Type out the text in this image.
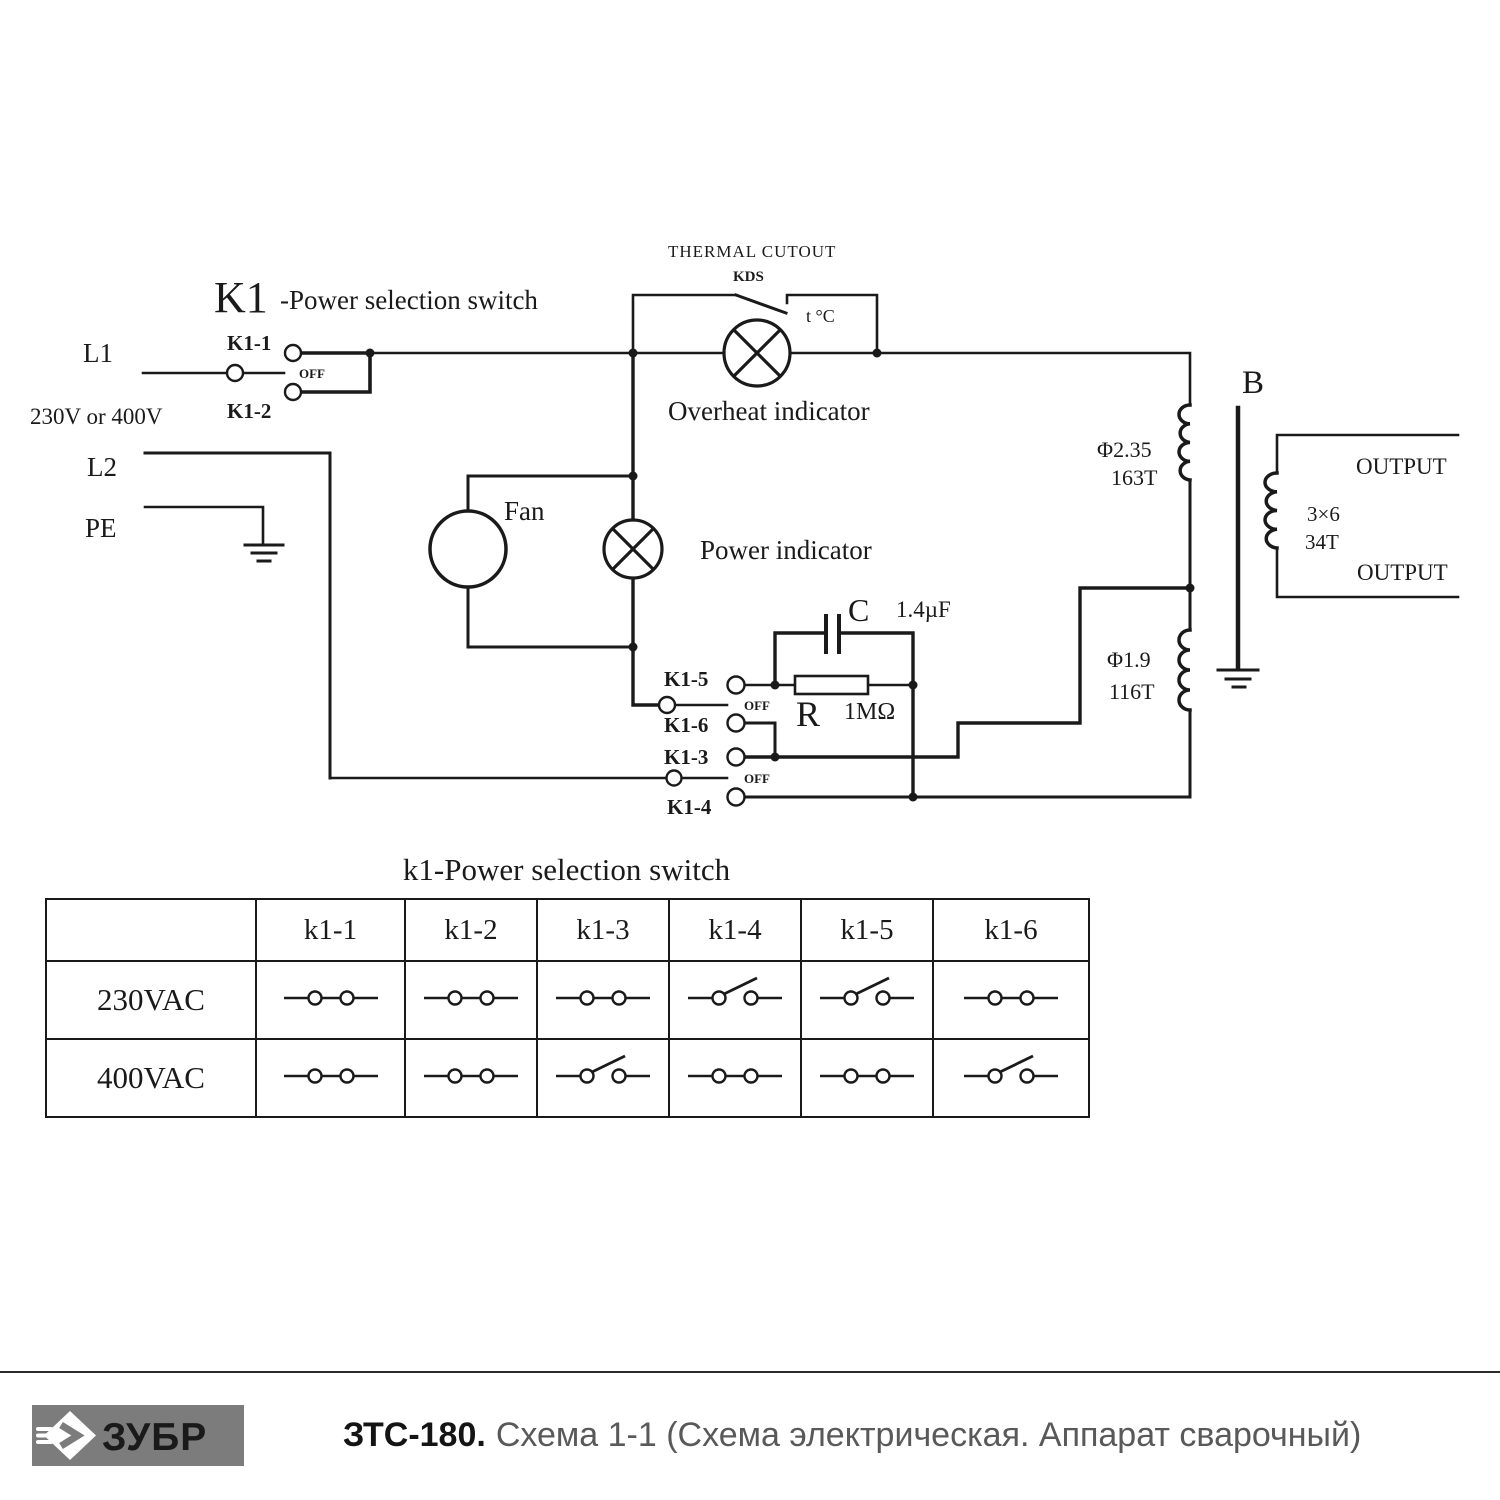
K1 -Power selection switch
L1
230V or 400V
L2
PE
K1-1
K1-2
OFF
THERMAL CUTOUT
KDS
t °C
Overheat indicator
Fan
Power indicator
C 1.4µF
R 1MΩ
K1-5
OFF
K1-6
K1-3
OFF
K1-4
Φ2.35
163T
Φ1.9
116T
B
3×6
34T
OUTPUT
OUTPUT
k1-Power selection switch
	k1-1	k1-2	k1-3	k1-4	k1-5	k1-6
230VAC						
400VAC						
ЗУБР	ЗТС-180. Схема 1-1 (Схема электрическая. Аппарат сварочный)
